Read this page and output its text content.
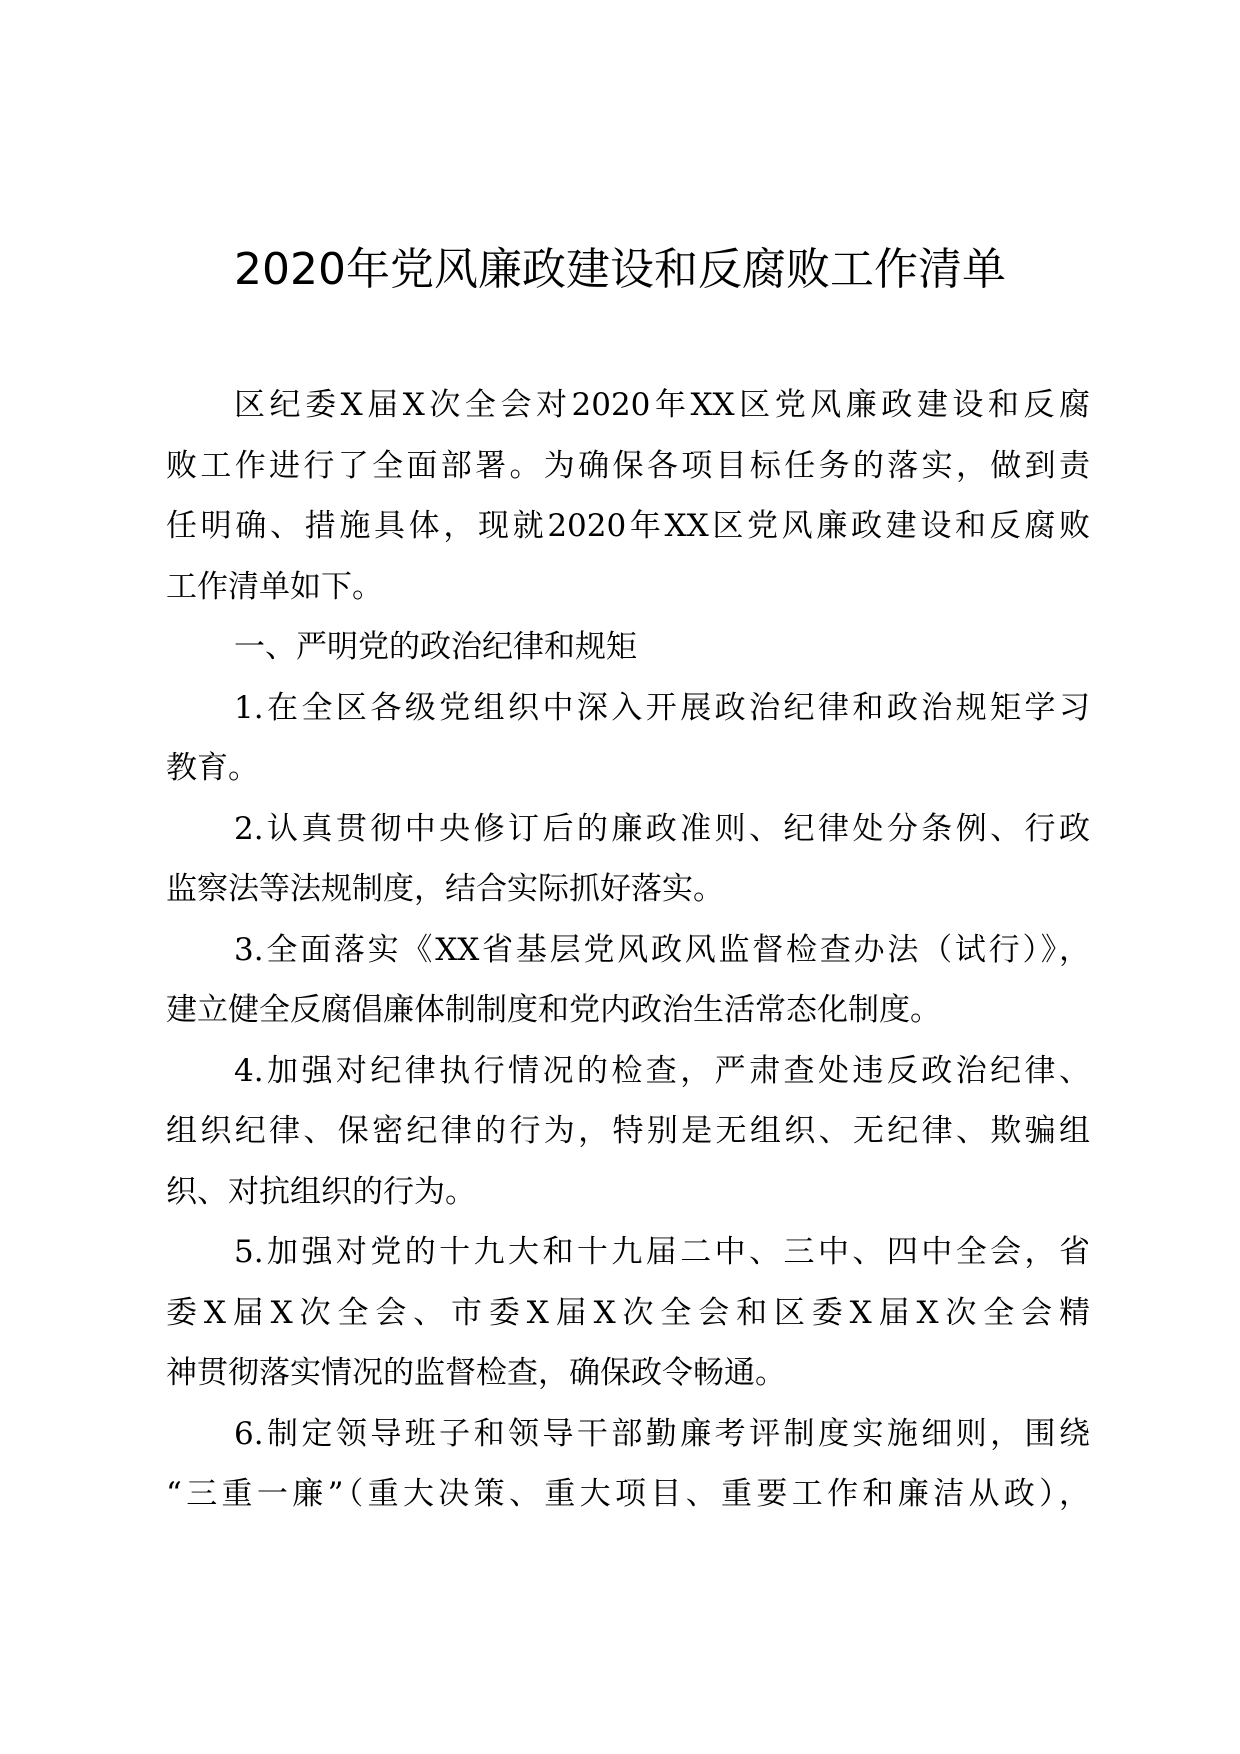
2020年党风廉政建设和反腐败工作清单
区纪委X届X次全会对2020年XX区党风廉政建设和反腐
败工作进行了全面部署。为确保各项目标任务的落实，做到责
任明确、措施具体，现就2020年XX区党风廉政建设和反腐败
工作清单如下。
一、严明党的政治纪律和规矩
1.在全区各级党组织中深入开展政治纪律和政治规矩学习
教育。
2.认真贯彻中央修订后的廉政准则、纪律处分条例、行政
监察法等法规制度，结合实际抓好落实。
3.全面落实《XX省基层党风政风监督检查办法（试行）》，
建立健全反腐倡廉体制制度和党内政治生活常态化制度。
4.加强对纪律执行情况的检查，严肃查处违反政治纪律、
组织纪律、保密纪律的行为，特别是无组织、无纪律、欺骗组
织、对抗组织的行为。
5.加强对党的十九大和十九届二中、三中、四中全会，省
委X届X次全会、市委X届X次全会和区委X届X次全会精
神贯彻落实情况的监督检查，确保政令畅通。
6.制定领导班子和领导干部勤廉考评制度实施细则，围绕
“三重一廉”（重大决策、重大项目、重要工作和廉洁从政），
